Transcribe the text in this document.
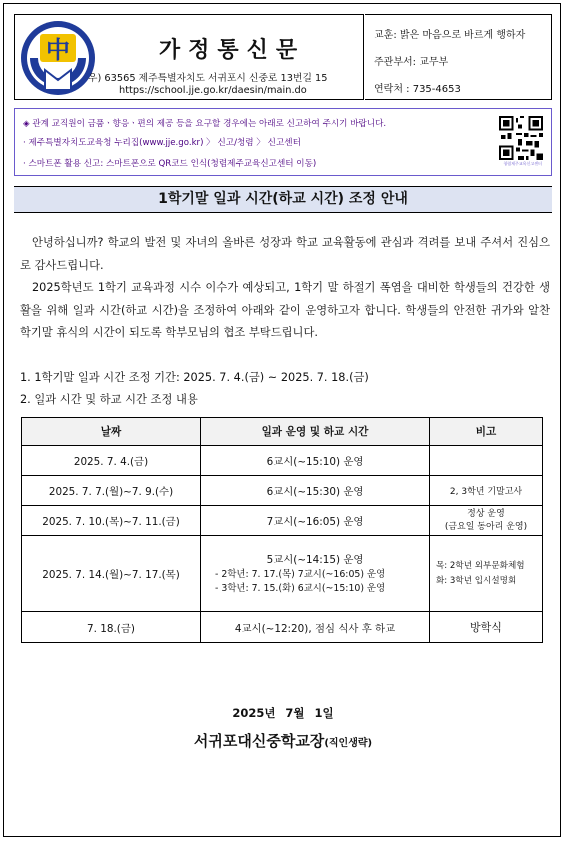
中	가정통신문
우) 63565 제주특별자치도 서귀포시 신중로 13번길 15
https://school.jje.go.kr/daesin/main.do
교훈: 밝은 마음으로 바르게 행하자
주관부서: 교무부
연락처 : 735-4653
◈ 관계 교직원이 금품ㆍ향응ㆍ편의 제공 등을 요구할 경우에는 아래로 신고하여 주시기 바랍니다.
· 제주특별자치도교육청 누리집(www.jje.go.kr) 〉 신고/청렴 〉 신고센터
· 스마트폰 활용 신고: 스마트폰으로 QR코드 인식(청렴제주교육신고센터 이동)	청렴제주교육신고센터
1학기말 일과 시간(하교 시간) 조정 안내
안녕하십니까? 학교의 발전 및 자녀의 올바른 성장과 학교 교육활동에 관심과 격려를 보내 주셔서 진심으로 감사드립니다.
2025학년도 1학기 교육과정 시수 이수가 예상되고, 1학기 말 하절기 폭염을 대비한 학생들의 건강한 생활을 위해 일과 시간(하교 시간)을 조정하여 아래와 같이 운영하고자 합니다. 학생들의 안전한 귀가와 알찬 학기말 휴식의 시간이 되도록 학부모님의 협조 부탁드립니다.
1. 1학기말 일과 시간 조정 기간: 2025. 7. 4.(금) ~ 2025. 7. 18.(금)
2. 일과 시간 및 하교 시간 조정 내용
날짜	일과 운영 및 하교 시간	비고
2025. 7. 4.(금)	6교시(~15:10) 운영	
2025. 7. 7.(월)~7. 9.(수)	6교시(~15:30) 운영	2, 3학년 기말고사
2025. 7. 10.(목)~7. 11.(금)	7교시(~16:05) 운영	정상 운영
(금요일 동아리 운영)

2025. 7. 14.(월)~7. 17.(목)	5교시(~14:15) 운영
- 2학년: 7. 17.(목) 7교시(~16:05) 운영
- 3학년: 7. 15.(화) 6교시(~15:10) 운영	목: 2학년 외부문화체험
화: 3학년 입시설명회

7. 18.(금)	4교시(~12:20), 점심 식사 후 하교	방학식
2025년 7월 1일
서귀포대신중학교장(직인생략)
